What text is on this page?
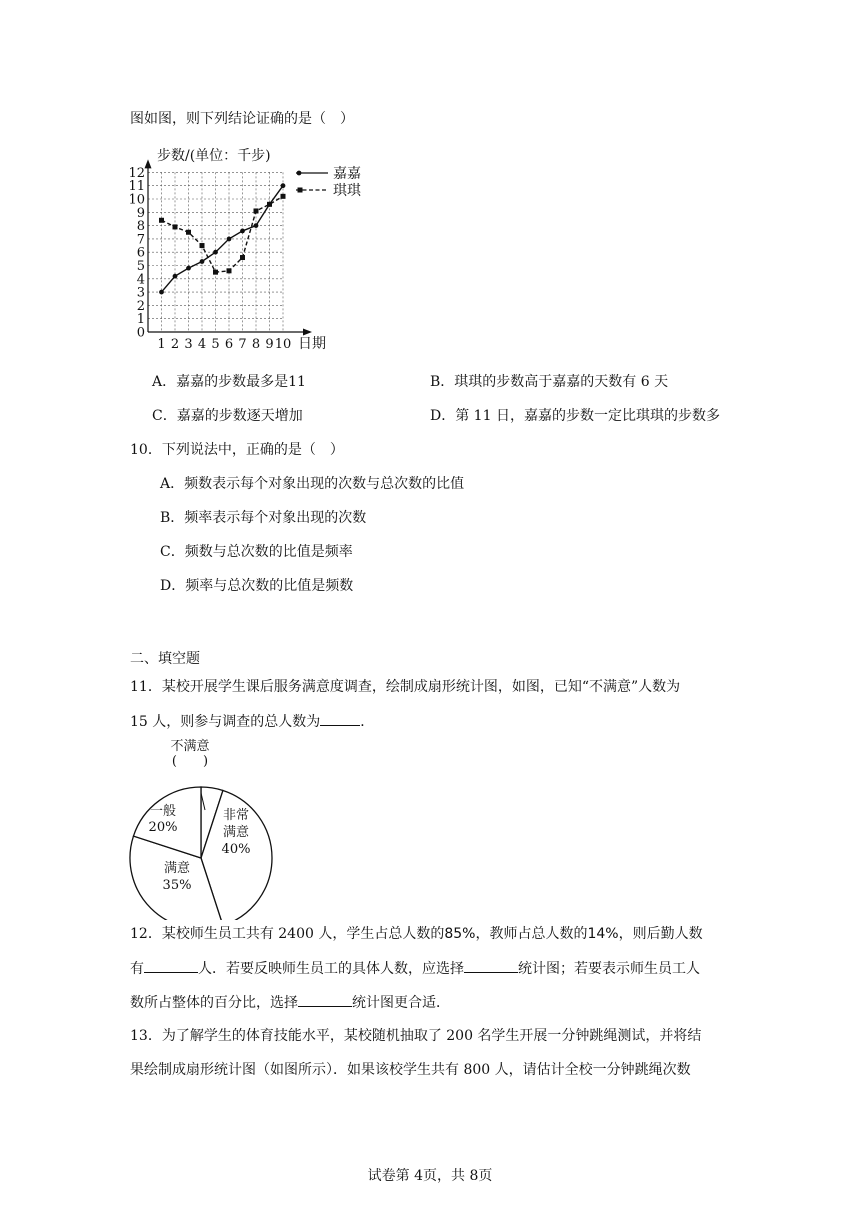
图如图，则下列结论证确的是（　）
0
1
2
3
4
5
6
7
8
9
10
11
12
1 2 3 4 5 6 7 8 9 10
嘉嘉
琪琪
步数/(单位：千步)
日期
A．嘉嘉的步数最多是11	B．琪琪的步数高于嘉嘉的天数有 6 天
C．嘉嘉的步数逐天增加	D．第 11 日，嘉嘉的步数一定比琪琪的步数多
10．下列说法中，正确的是（　）
A．频数表示每个对象出现的次数与总次数的比值
B．频率表示每个对象出现的次数
C．频数与总次数的比值是频率
D．频率与总次数的比值是频数
二、填空题
11．某校开展学生课后服务满意度调查，绘制成扇形统计图，如图，已知“不满意”人数为
15 人，则参与调查的总人数为	．
不满意
(　　)
非常满意
40%
满意
35%
一般
20%
12．某校师生员工共有 2400 人，学生占总人数的85%，教师占总人数的14%，则后勤人数
有	人．若要反映师生员工的具体人数，应选择	统计图；若要表示师生员工人
数所占整体的百分比，选择	统计图更合适．
13．为了解学生的体育技能水平，某校随机抽取了 200 名学生开展一分钟跳绳测试，并将结
果绘制成扇形统计图（如图所示）．如果该校学生共有 800 人，请估计全校一分钟跳绳次数
试卷第 4页，共 8页
